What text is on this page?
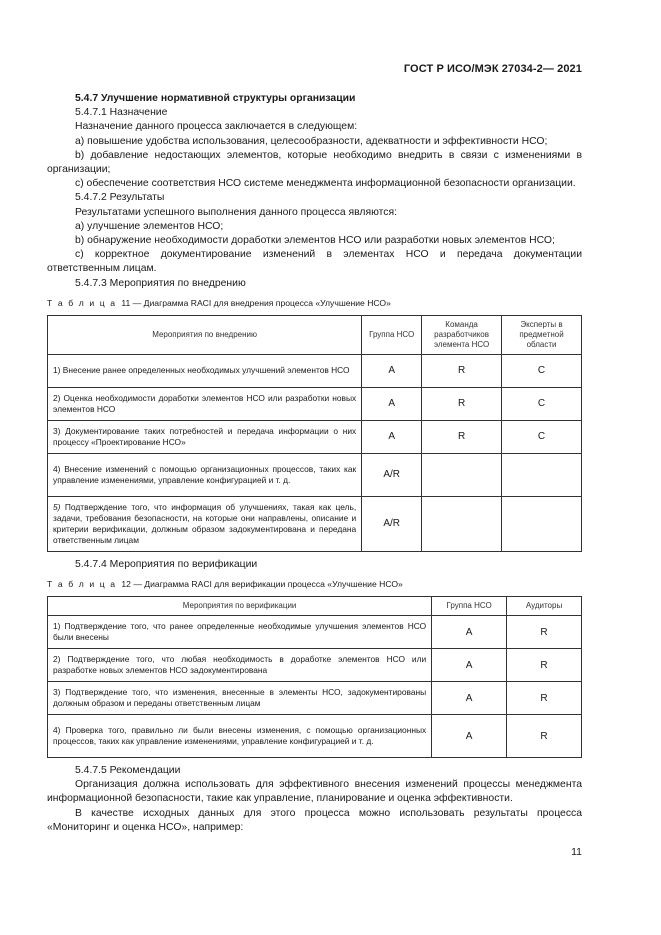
ГОСТ Р ИСО/МЭК 27034-2— 2021

5.4.7 Улучшение нормативной структуры организации

5.4.7.1 Назначение

Назначение данного процесса заключается в следующем:

a) повышение удобства использования, целесообразности, адекватности и эффективности НСО;

b) добавление недостающих элементов, которые необходимо внедрить в связи с изменениями в организации;

c) обеспечение соответствия НСО системе менеджмента информационной безопасности организации.

5.4.7.2 Результаты

Результатами успешного выполнения данного процесса являются:

a) улучшение элементов НСО;

b) обнаружение необходимости доработки элементов НСО или разработки новых элементов НСО;

c) корректное документирование изменений в элементах НСО и передача документации ответственным лицам.

5.4.7.3 Мероприятия по внедрению

Т а б л и ц а 11 — Диаграмма RACI для внедрения процесса «Улучшение НСО»
Мероприятия по внедрению	Группа НСО	Команда разработчиков элемента НСО	Эксперты в предметной области
1) Внесение ранее определенных необходимых улучшений элементов НСО	A	R	C
2) Оценка необходимости доработки элементов НСО или разработки новых элементов НСО	A	R	C
3) Документирование таких потребностей и передача информации о них процессу «Проектирование НСО»	A	R	C
4) Внесение изменений с помощью организационных процессов, таких как управление изменениями, управление конфигурацией и т. д.	A/R		
5) Подтверждение того, что информация об улучшениях, такая как цель, задачи, требования безопасности, на которые они направлены, описание и критерии верификации, должным образом задокументирована и передана ответственным лицам	A/R		

5.4.7.4 Мероприятия по верификации

Т а б л и ц а 12 — Диаграмма RACI для верификации процесса «Улучшение НСО»
Мероприятия по верификации	Группа НСО	Аудиторы
1) Подтверждение того, что ранее определенные необходимые улучшения элементов НСО были внесены	A	R
2) Подтверждение того, что любая необходимость в доработке элементов НСО или разработке новых элементов НСО задокументирована	A	R
3) Подтверждение того, что изменения, внесенные в элементы НСО, задокументированы должным образом и переданы ответственным лицам	A	R
4) Проверка того, правильно ли были внесены изменения, с помощью организационных процессов, таких как управление изменениями, управление конфигурацией и т. д.	A	R

5.4.7.5 Рекомендации

Организация должна использовать для эффективного внесения изменений процессы менеджмента информационной безопасности, такие как управление, планирование и оценка эффективности.

В качестве исходных данных для этого процесса можно использовать результаты процесса «Мониторинг и оценка НСО», например:

11
